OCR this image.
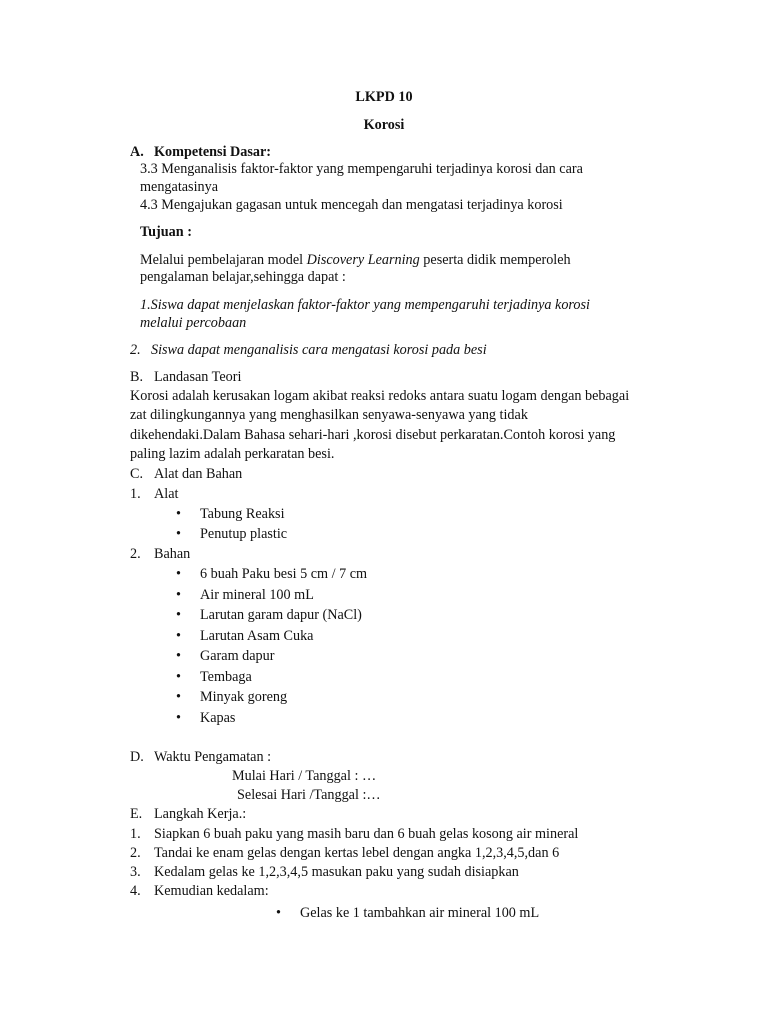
LKPD 10
Korosi
A. Kompetensi Dasar:
3.3 Menganalisis faktor-faktor yang mempengaruhi terjadinya korosi dan cara
mengatasinya
4.3 Mengajukan gagasan untuk mencegah dan mengatasi terjadinya korosi
Tujuan :
Melalui pembelajaran model Discovery Learning peserta didik memperoleh
pengalaman belajar,sehingga dapat :
1.Siswa dapat menjelaskan faktor-faktor yang mempengaruhi terjadinya korosi
melalui percobaan
2. Siswa dapat menganalisis cara mengatasi korosi pada besi
B. Landasan Teori
Korosi adalah kerusakan logam akibat reaksi redoks antara suatu logam dengan bebagai
zat dilingkungannya yang menghasilkan senyawa-senyawa yang tidak
dikehendaki.Dalam Bahasa sehari-hari ,korosi disebut perkaratan.Contoh korosi yang
paling lazim adalah perkaratan besi.
C. Alat dan Bahan
1. Alat
• Tabung Reaksi
• Penutup plastic
2. Bahan
• 6 buah Paku besi 5 cm / 7 cm
• Air mineral 100 mL
• Larutan garam dapur (NaCl)
• Larutan Asam Cuka
• Garam dapur
• Tembaga
• Minyak goreng
• Kapas
D. Waktu Pengamatan :
Mulai Hari / Tanggal : …
Selesai Hari /Tanggal :…
E. Langkah Kerja.:
1. Siapkan 6 buah paku yang masih baru dan 6 buah gelas kosong air mineral
2. Tandai ke enam gelas dengan kertas lebel dengan angka 1,2,3,4,5,dan 6
3. Kedalam gelas ke 1,2,3,4,5 masukan paku yang sudah disiapkan
4. Kemudian kedalam:
• Gelas ke 1 tambahkan air mineral 100 mL
